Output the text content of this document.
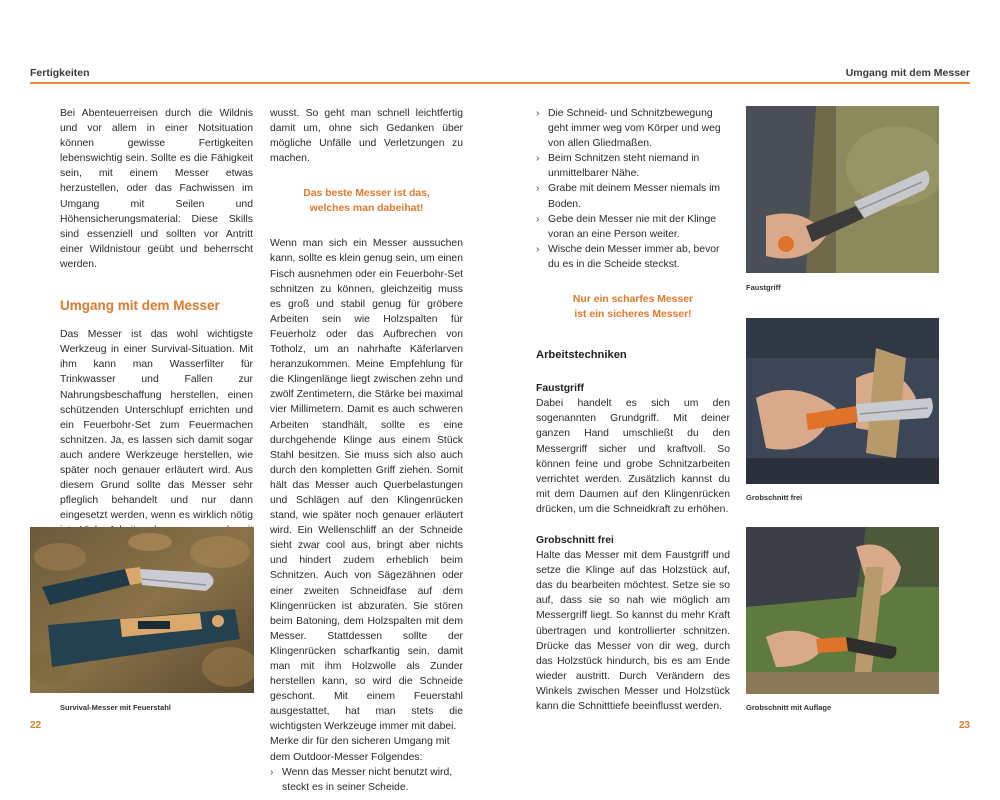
Fertigkeiten	Umgang mit dem Messer

Bei Abenteuerreisen durch die Wildnis und vor allem in einer Notsituation können gewisse Fertigkeiten lebenswichtig sein. Sollte es die Fähigkeit sein, mit einem Messer etwas herzustellen, oder das Fachwissen im Umgang mit Seilen und Höhensicherungsmaterial: Diese Skills sind essenziell und sollten vor Antritt einer Wildnistour geübt und beherrscht werden.

Umgang mit dem Messer

Das Messer ist das wohl wichtigste Werkzeug in einer Survival-Situation. Mit ihm kann man Wasserfilter für Trinkwasser und Fallen zur Nahrungsbeschaffung herstellen, einen schützenden Unterschlupf errichten und ein Feuerbohr-Set zum Feuermachen schnitzen. Ja, es lassen sich damit sogar auch andere Werkzeuge herstellen, wie später noch genauer erläutert wird. Aus diesem Grund sollte das Messer sehr pfleglich behandelt und nur dann eingesetzt werden, wenn es wirklich nötig

Survival-Messer mit Feuerstahl

wusst. So geht man schnell leichtfertig damit um, ohne sich Gedanken über mögliche Unfälle und Verletzungen zu machen.

Das beste Messer ist das,
welches man dabeihat!

Wenn man sich ein Messer aussuchen kann, sollte es klein genug sein, um einen Fisch ausnehmen oder ein Feuerbohr-Set schnitzen zu können, gleichzeitig muss es groß und stabil genug für gröbere Arbeiten sein wie Holzspalten für Feuerholz oder das Aufbrechen von Totholz, um an nahrhafte Käferlarven heranzukommen. Meine Empfehlung für die Klingenlänge liegt zwischen zehn und zwölf Zentimetern, die Stärke bei maximal vier Millimetern. Damit es auch schweren Arbeiten standhält, sollte es eine durchgehende Klinge aus einem Stück Stahl besitzen. Sie muss sich also auch durch den kompletten Griff ziehen. Somit hält das Messer auch Querbelastungen und Schlägen auf den Klingenrücken stand, wie später noch genauer erläutert wird. Ein Wellenschliff an der Schneide sieht zwar cool aus, bringt aber nichts und hindert zudem erheblich beim Schnitzen. Auch von Sägezähnen oder einer zweiten Schneidfase auf dem Klingenrücken ist abzuraten. Sie stören beim Batoning, dem Holzspalten mit dem Messer. Stattdessen sollte der Klingenrücken scharfkantig sein, damit man mit ihm Holzwolle als Zunder herstellen kann, so wird die Schneide geschont. Mit einem Feuerstahl ausgestattet, hat man stets die wichtigsten Werkzeuge immer mit dabei.

Merke dir für den sicheren Umgang mit dem Outdoor-Messer Folgendes:

› Wenn das Messer nicht benutzt wird, steckt es in seiner Scheide.
› Die Schneid- und Schnitzbewegung geht immer weg vom Körper und weg von allen Gliedmaßen.
› Beim Schnitzen steht niemand in unmittelbarer Nähe.
› Grabe mit deinem Messer niemals im Boden.
› Gebe dein Messer nie mit der Klinge voran an eine Person weiter.
› Wische dein Messer immer ab, bevor du es in die Scheide steckst.
Nur ein scharfes Messer
ist ein sicheres Messer!
Arbeitstechniken
Faustgriff

Dabei handelt es sich um den sogenannten Grundgriff. Mit deiner ganzen Hand umschließt du den Messergriff sicher und kraftvoll. So können feine und grobe Schnitzarbeiten verrichtet werden. Zusätzlich kannst du mit dem Daumen auf den Klingenrücken drücken, um die Schneidkraft zu erhöhen.

Grobschnitt frei

Halte das Messer mit dem Faustgriff und setze die Klinge auf das Holzstück auf, das du bearbeiten möchtest. Setze sie so auf, dass sie so nah wie möglich am Messergriff liegt. So kannst du mehr Kraft übertragen und kontrollierter schnitzen. Drücke das Messer von dir weg, durch das Holzstück hindurch, bis es am Ende wieder austritt. Durch Verändern des Winkels zwischen Messer und Holzstück kann die Schnitttiefe beeinflusst werden.

Faustgriff
Grobschnitt frei
Grobschnitt mit Auflage
22	23
